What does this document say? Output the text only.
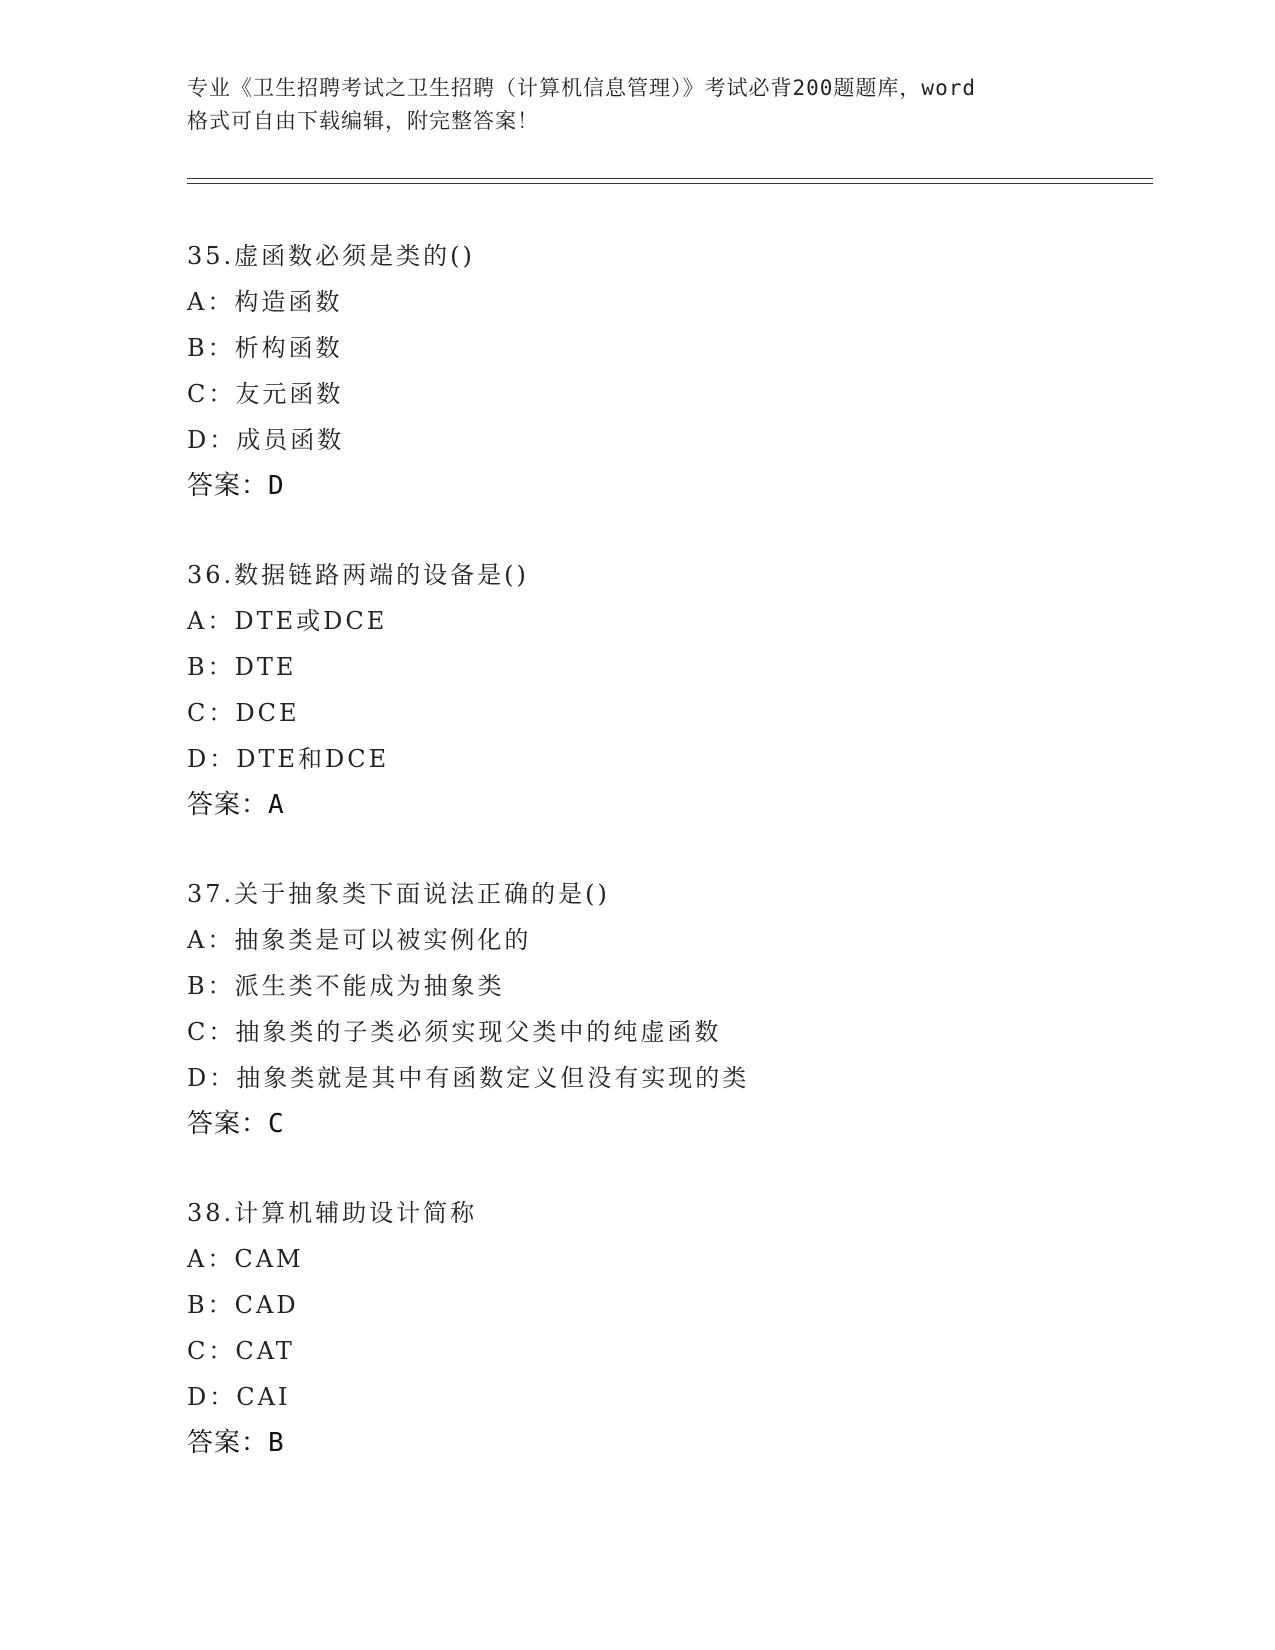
专业《卫生招聘考试之卫生招聘（计算机信息管理）》考试必背200题题库，word
格式可自由下载编辑，附完整答案！
35.虚函数必须是类的()
A：构造函数
B：析构函数
C：友元函数
D：成员函数
答案：D
36.数据链路两端的设备是()
A：DTE或DCE
B：DTE
C：DCE
D：DTE和DCE
答案：A
37.关于抽象类下面说法正确的是()
A：抽象类是可以被实例化的
B：派生类不能成为抽象类
C：抽象类的子类必须实现父类中的纯虚函数
D：抽象类就是其中有函数定义但没有实现的类
答案：C
38.计算机辅助设计简称
A：CAM
B：CAD
C：CAT
D：CAI
答案：B
